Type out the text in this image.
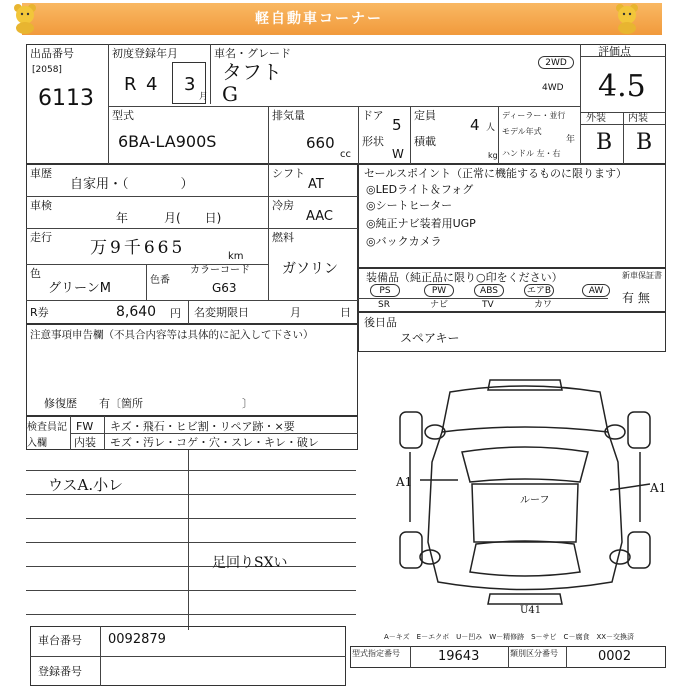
軽自動車コーナー
出品番号
[2058]
6113
初度登録年月
R 4 3
月
車名・グレード
タフト
G
2WD
4WD
評価点
4.5
型式
6BA-LA900S
排気量
660
cc
ドア
5
形状
W
定員
4 人
積載
kg
ディーラー・並行
モデル年式
年
ハンドル 左・右
外装 内装
B B
車歴
自家用・（　　　　）
シフト
AT
車検
年　　　月(　　日)
冷房
AAC
走行
万9千665	km
燃料
ガソリン
色
グリーンM
色番
カラーコード
G63
R券	8,640 円 名変期限日	月	日
セールスポイント（正常に機能するものに限ります）
◎LEDライト＆フォグ
◎シートヒーター
◎純正ナビ装着用UGP
◎バックカメラ
装備品（純正品に限り○印をください）	新車保証書
PS	PW	ABS	エアB	AW
SR	ナビ	TV	カワ	有 無
後日品
スペアキー
注意事項申告欄（不具合内容等は具体的に記入して下さい）
修復歴　　有〔箇所　　　　　　　　　〕
検査員記入欄
FW キズ・飛石・ヒビ割・リペア跡・×要
内装 モズ・汚レ・コゲ・穴・スレ・キレ・破レ
ウスA.小レ
足回りSXい
A1	A1
ルーフ
U41
A－キズ　E－エクボ　U－凹み　W－精修跡　S－サビ　C－腐食　XX－交換済
車台番号 0092879
登録番号
型式指定番号	19643	類別区分番号	0002
